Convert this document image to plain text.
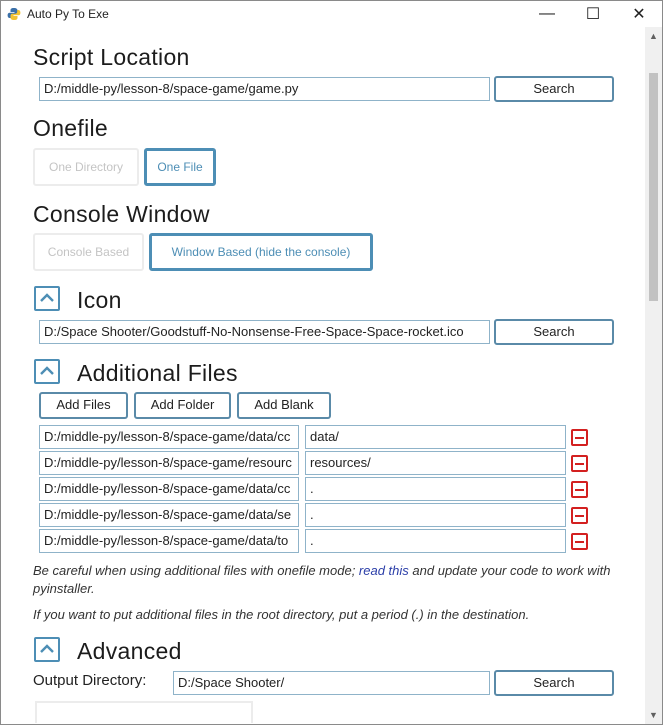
Auto Py To Exe	—	☐	✕
Script Location
D:/middle-py/lesson-8/space-game/game.py	Search
Onefile
One Directory	One File
Console Window
Console Based	Window Based (hide the console)
Icon
D:/Space Shooter/Goodstuff-No-Nonsense-Free-Space-Space-rocket.ico	Search
Additional Files
Add Files	Add Folder	Add Blank
D:/middle-py/lesson-8/space-game/data/cc	data/
D:/middle-py/lesson-8/space-game/resourc	resources/
D:/middle-py/lesson-8/space-game/data/cc	.
D:/middle-py/lesson-8/space-game/data/se	.
D:/middle-py/lesson-8/space-game/data/to	.
Be careful when using additional files with onefile mode; read this and update your code to work with pyinstaller.
If you want to put additional files in the root directory, put a period (.) in the destination.
Advanced
Output Directory:	D:/Space Shooter/	Search
▲
▼
